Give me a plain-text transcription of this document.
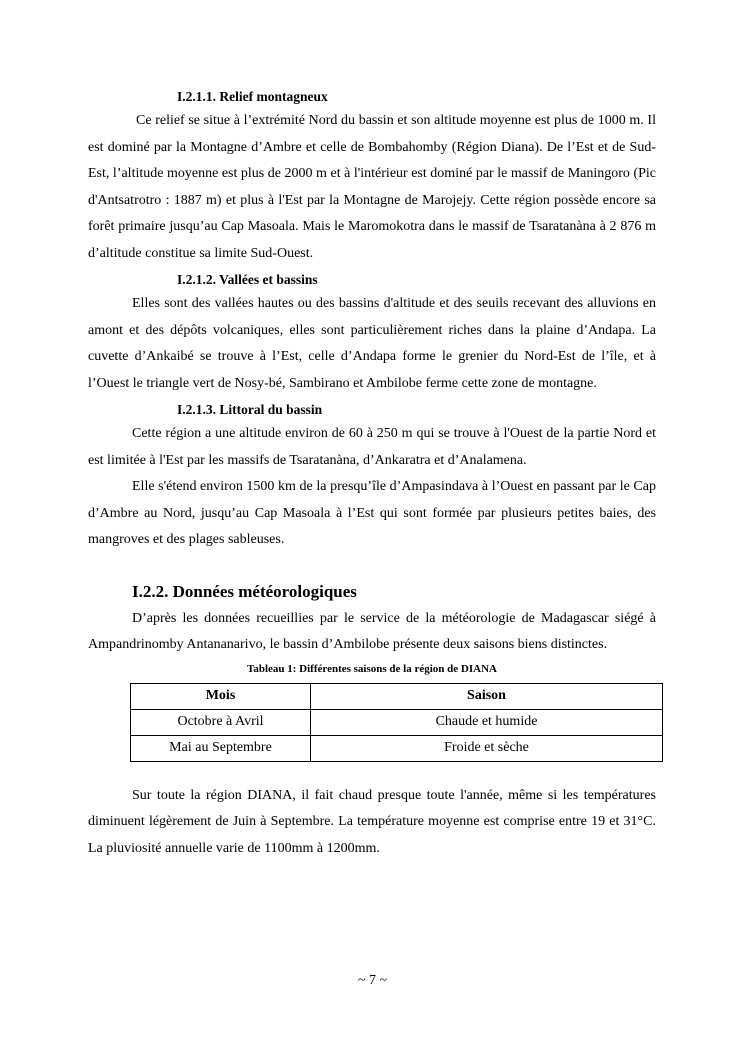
I.2.1.1. Relief montagneux

Ce relief se situe à l’extrémité Nord du bassin et son altitude moyenne est plus de 1000 m. Il est dominé par la Montagne d’Ambre et celle de Bombahomby (Région Diana). De l’Est et de Sud-Est, l’altitude moyenne est plus de 2000 m et à l'intérieur est dominé par le massif de Maningoro (Pic d'Antsatrotro : 1887 m) et plus à l'Est par la Montagne de Marojejy. Cette région possède encore sa forêt primaire jusqu’au Cap Masoala. Mais le Maromokotra dans le massif de Tsaratanàna à 2 876 m d’altitude constitue sa limite Sud-Ouest.

I.2.1.2. Vallées et bassins

Elles sont des vallées hautes ou des bassins d'altitude et des seuils recevant des alluvions en amont et des dépôts volcaniques, elles sont particulièrement riches dans la plaine d’Andapa. La cuvette d’Ankaibé se trouve à l’Est, celle d’Andapa forme le grenier du Nord-Est de l’île, et à l’Ouest le triangle vert de Nosy-bé, Sambirano et Ambilobe ferme cette zone de montagne.

I.2.1.3. Littoral du bassin

Cette région a une altitude environ de 60 à 250 m qui se trouve à l'Ouest de la partie Nord et est limitée à l'Est par les massifs de Tsaratanàna, d’Ankaratra et d’Analamena.

Elle s'étend environ 1500 km de la presqu’île d’Ampasindava à l’Ouest en passant par le Cap d’Ambre au Nord, jusqu’au Cap Masoala à l’Est qui sont formée par plusieurs petites baies, des mangroves et des plages sableuses.

I.2.2. Données météorologiques

D’après les données recueillies par le service de la météorologie de Madagascar siégé à Ampandrinomby Antananarivo, le bassin d’Ambilobe présente deux saisons biens distinctes.

Tableau 1: Différentes saisons de la région de DIANA
Mois	Saison
Octobre à Avril	Chaude et humide
Mai au Septembre	Froide et sèche

Sur toute la région DIANA, il fait chaud presque toute l'année, même si les températures diminuent légèrement de Juin à Septembre. La température moyenne est comprise entre 19 et 31°C. La pluviosité annuelle varie de 1100mm à 1200mm.

~ 7 ~
